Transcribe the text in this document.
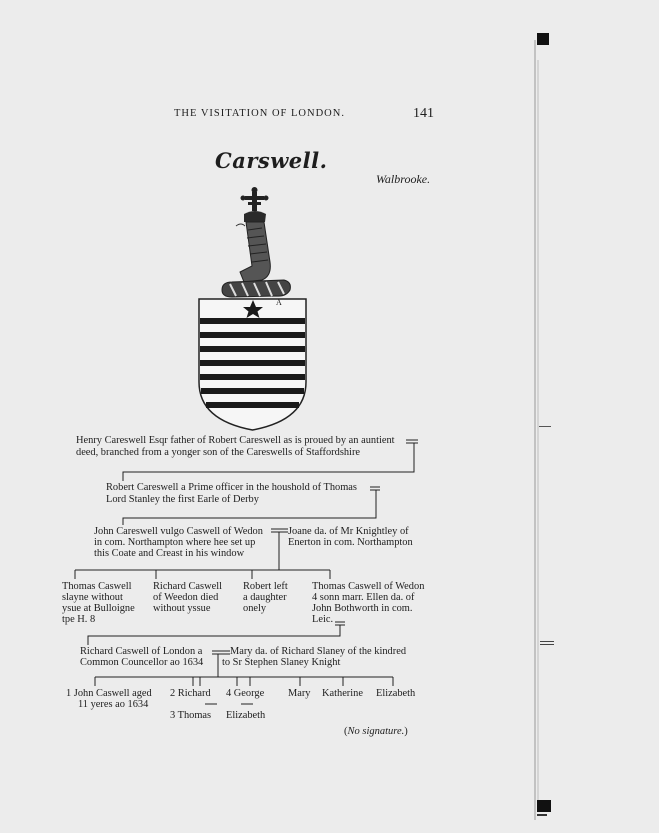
THE VISITATION OF LONDON.	141
Carswell.
Walbrooke.
A
Henry Careswell Esqr father of Robert Careswell as is proued by an auntient
deed, branched from a yonger son of the Careswells of Staffordshire
Robert Careswell a Prime officer in the houshold of Thomas
Lord Stanley the first Earle of Derby
John Careswell vulgo Caswell of Wedon
in com. Northampton where hee set up
this Coate and Creast in his window
Joane da. of Mr Knightley of
Enerton in com. Northampton
Thomas Caswell
slayne without
ysue at Bulloigne
tpe H. 8
Richard Caswell
of Weedon died
without yssue
Robert left
a daughter
onely
Thomas Caswell of Wedon
4 sonn marr. Ellen da. of
John Bothworth in com.
Leic.
Richard Caswell of London a
Common Councellor ao 1634
Mary da. of Richard Slaney of the kindred
to Sr Stephen Slaney Knight
1 John Caswell aged
11 yeres ao 1634
2 Richard
3 Thomas
4 George
Elizabeth
Mary Katherine Elizabeth
(No signature.)
